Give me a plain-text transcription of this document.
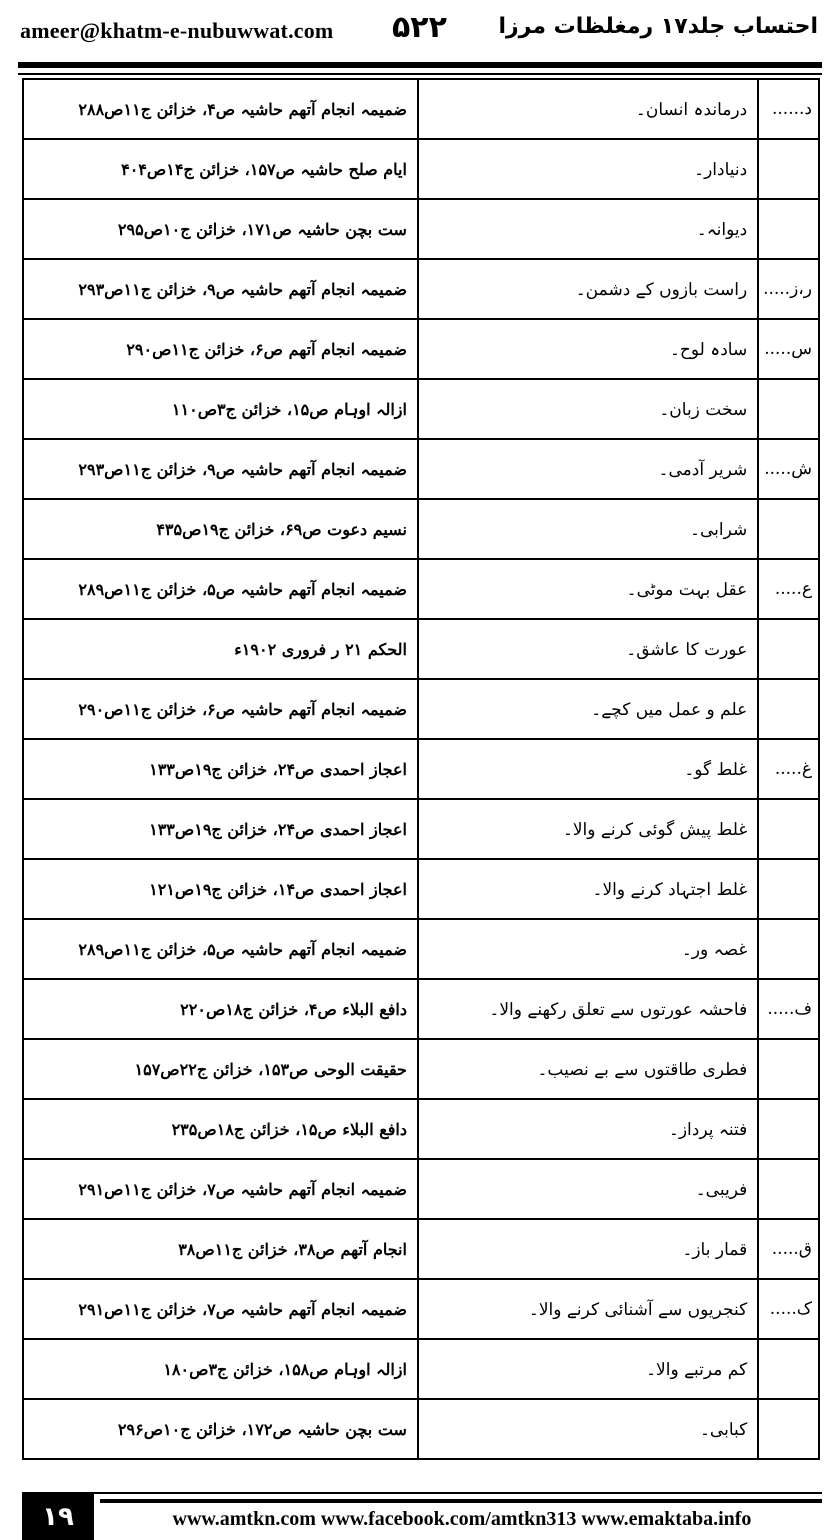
ameer@khatm-e-nubuwwat.com ۵۲۲ احتساب جلد۱۷ رمغلظات مرزا
ضمیمہ انجام آتھم حاشیہ ص۴، خزائن ج۱۱ص۲۸۸	درماندہ انسان۔	د......
ایام صلح حاشیہ ص۱۵۷، خزائن ج۱۴ص۴۰۴	دنیادار۔	
ست بچن حاشیہ ص۱۷۱، خزائن ج۱۰ص۲۹۵	دیوانہ۔	
ضمیمہ انجام آتھم حاشیہ ص۹، خزائن ج۱۱ص۲۹۳	راست بازوں کے دشمن۔	ر،ز.....
ضمیمہ انجام آتھم ص۶، خزائن ج۱۱ص۲۹۰	سادہ لوح۔	س.....
ازالہ اوہام ص۱۵، خزائن ج۳ص۱۱۰	سخت زبان۔	
ضمیمہ انجام آتھم حاشیہ ص۹، خزائن ج۱۱ص۲۹۳	شریر آدمی۔	ش.....
نسیم دعوت ص۶۹، خزائن ج۱۹ص۴۳۵	شرابی۔	
ضمیمہ انجام آتھم حاشیہ ص۵، خزائن ج۱۱ص۲۸۹	عقل بہت موٹی۔	ع.....
الحکم ۲۱ ر فروری ۱۹۰۲ء	عورت کا عاشق۔	
ضمیمہ انجام آتھم حاشیہ ص۶، خزائن ج۱۱ص۲۹۰	علم و عمل میں کچے۔	
اعجاز احمدی ص۲۴، خزائن ج۱۹ص۱۳۳	غلط گو۔	غ.....
اعجاز احمدی ص۲۴، خزائن ج۱۹ص۱۳۳	غلط پیش گوئی کرنے والا۔	
اعجاز احمدی ص۱۴، خزائن ج۱۹ص۱۲۱	غلط اجتہاد کرنے والا۔	
ضمیمہ انجام آتھم حاشیہ ص۵، خزائن ج۱۱ص۲۸۹	غصہ ور۔	
دافع البلاء ص۴، خزائن ج۱۸ص۲۲۰	فاحشہ عورتوں سے تعلق رکھنے والا۔	ف.....
حقیقت الوحی ص۱۵۳، خزائن ج۲۲ص۱۵۷	فطری طاقتوں سے بے نصیب۔	
دافع البلاء ص۱۵، خزائن ج۱۸ص۲۳۵	فتنہ پرداز۔	
ضمیمہ انجام آتھم حاشیہ ص۷، خزائن ج۱۱ص۲۹۱	فریبی۔	
انجام آتھم ص۳۸، خزائن ج۱۱ص۳۸	قمار باز۔	ق.....
ضمیمہ انجام آتھم حاشیہ ص۷، خزائن ج۱۱ص۲۹۱	کنجریوں سے آشنائی کرنے والا۔	ک.....
ازالہ اوہام ص۱۵۸، خزائن ج۳ص۱۸۰	کم مرتبے والا۔	
ست بچن حاشیہ ص۱۷۲، خزائن ج۱۰ص۲۹۶	کبابی۔	
۱۹	www.amtkn.com www.facebook.com/amtkn313 www.emaktaba.info
